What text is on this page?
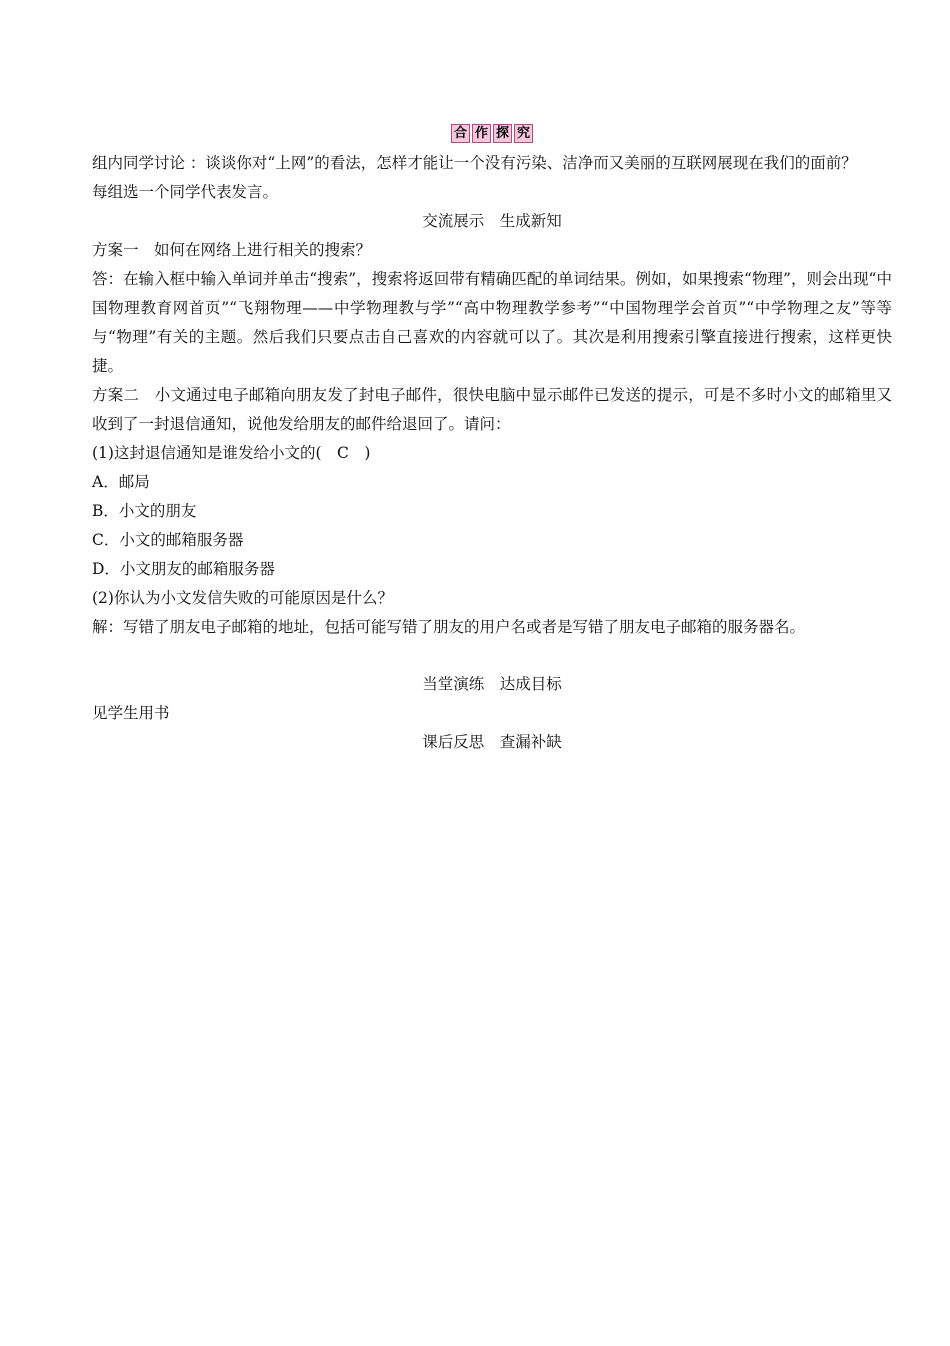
合 作 探 究

组内同学讨论 ：谈谈你对“上网”的看法，怎样才能让一个没有污染、洁净而又美丽的互联网展现在我们的面前？

每组选一个同学代表发言。

交流展示　生成新知

方案一　如何在网络上进行相关的搜索？

答：在输入框中输入单词并单击“搜索”，搜索将返回带有精确匹配的单词结果。例如，如果搜索“物理”，则会出现“中国物理教育网首页”“飞翔物理——中学物理教与学”“高中物理教学参考”“中国物理学会首页”“中学物理之友”等等与“物理”有关的主题。然后我们只要点击自己喜欢的内容就可以了。其次是利用搜索引擎直接进行搜索，这样更快捷。

方案二　小文通过电子邮箱向朋友发了封电子邮件，很快电脑中显示邮件已发送的提示，可是不多时小文的邮箱里又收到了一封退信通知，说他发给朋友的邮件给退回了。请问：

(1)这封退信通知是谁发给小文的(　C　)

A．邮局

B．小文的朋友

C．小文的邮箱服务器

D．小文朋友的邮箱服务器

(2)你认为小文发信失败的可能原因是什么？

解：写错了朋友电子邮箱的地址，包括可能写错了朋友的用户名或者是写错了朋友电子邮箱的服务器名。

当堂演练　达成目标

见学生用书

课后反思　查漏补缺
